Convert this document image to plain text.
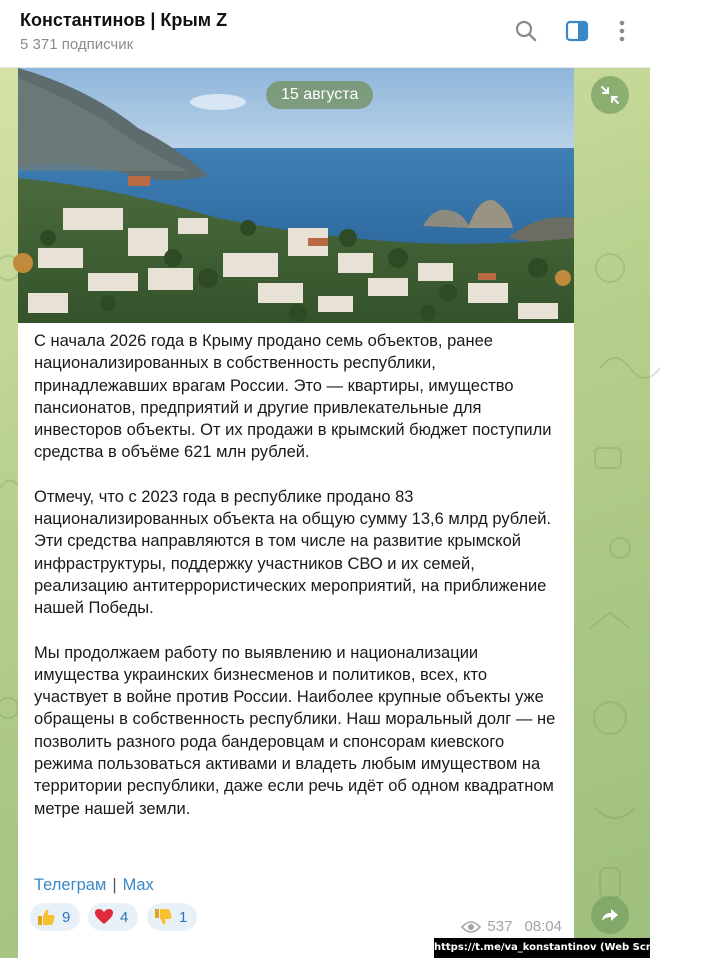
Константинов | Крым Z
5 371 подписчик
15 августа

С начала 2026 года в Крыму продано семь объектов, ранее национализированных в собственность республики, принадлежавших врагам России. Это — квартиры, имущество пансионатов, предприятий и другие привлекательные для инвесторов объекты. От их продажи в крымский бюджет поступили средства в объёме 621 млн рублей.

Отмечу, что с 2023 года в республике продано 83 национализированных объекта на общую сумму 13,6 млрд рублей. Эти средства направляются в том числе на развитие крымской инфраструктуры, поддержку участников СВО и их семей, реализацию антитеррористических мероприятий, на приближение нашей Победы.

Мы продолжаем работу по выявлению и национализации имущества украинских бизнесменов и политиков, всех, кто участвует в войне против России. Наиболее крупные объекты уже обращены в собственность республики. Наш моральный долг — не позволить разного рода бандеровцам и спонсорам киевского режима пользоваться активами и владеть любым имуществом на территории республики, даже если речь идёт об одном квадратном метре нашей земли.

Телеграм | Max
9	4	1
537 08:04
https://t.me/va_konstantinov (Web Screenshot)
